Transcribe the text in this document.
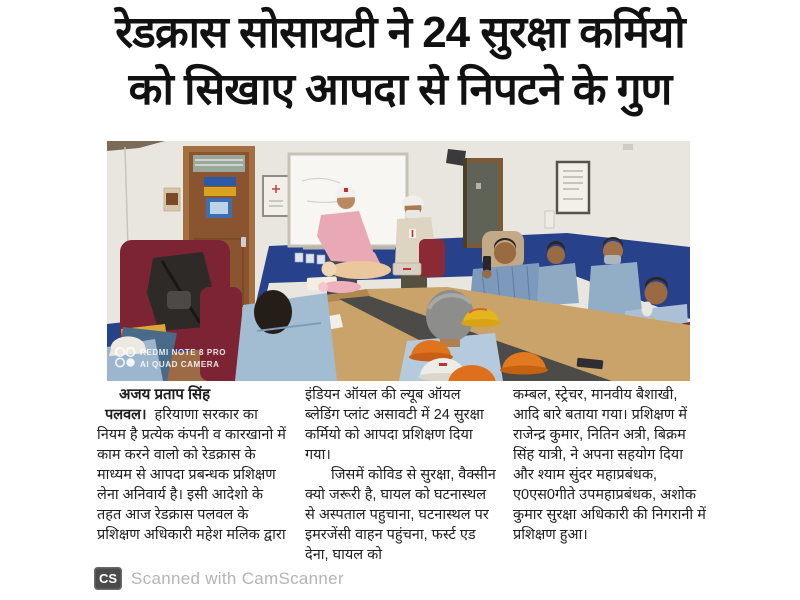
रेडक्रास सोसायटी ने 24 सुरक्षा कर्मियो
को सिखाए आपदा से निपटने के गुण
REDMI NOTE 8 PRO
AI QUAD CAMERA
अजय प्रताप सिंह

पलवल। हरियाणा सरकार का नियम है प्रत्येक कंपनी व कारखानो में काम करने वालो को रेडक्रास के माध्यम से आपदा प्रबन्धक प्रशिक्षण लेना अनिवार्य है। इसी आदेशो के तहत आज रेडक्रास पलवल के प्रशिक्षण अधिकारी महेश मलिक द्वारा

इंडियन ऑयल की ल्यूब ऑयल ब्लेडिंग प्लांट असावटी में 24 सुरक्षा कर्मियो को आपदा प्रशिक्षण दिया गया।

जिसमें कोविड से सुरक्षा, वैक्सीन क्यो जरूरी है, घायल को घटनास्थल से अस्पताल पहुचाना, घटनास्थल पर इमरजेंसी वाहन पहुंचना, फर्स्ट एड देना, घायल को

कम्बल, स्ट्रेचर, मानवीय बैशाखी, आदि बारे बताया गया। प्रशिक्षण में राजेन्द्र कुमार, नितिन अत्री, बिक्रम सिंह यात्री, ने अपना सहयोग दिया और श्याम सुंदर महाप्रबंधक, ए0एस0गीते उपमहाप्रबंधक, अशोक कुमार सुरक्षा अधिकारी की निगरानी में प्रशिक्षण हुआ।

CS Scanned with CamScanner
